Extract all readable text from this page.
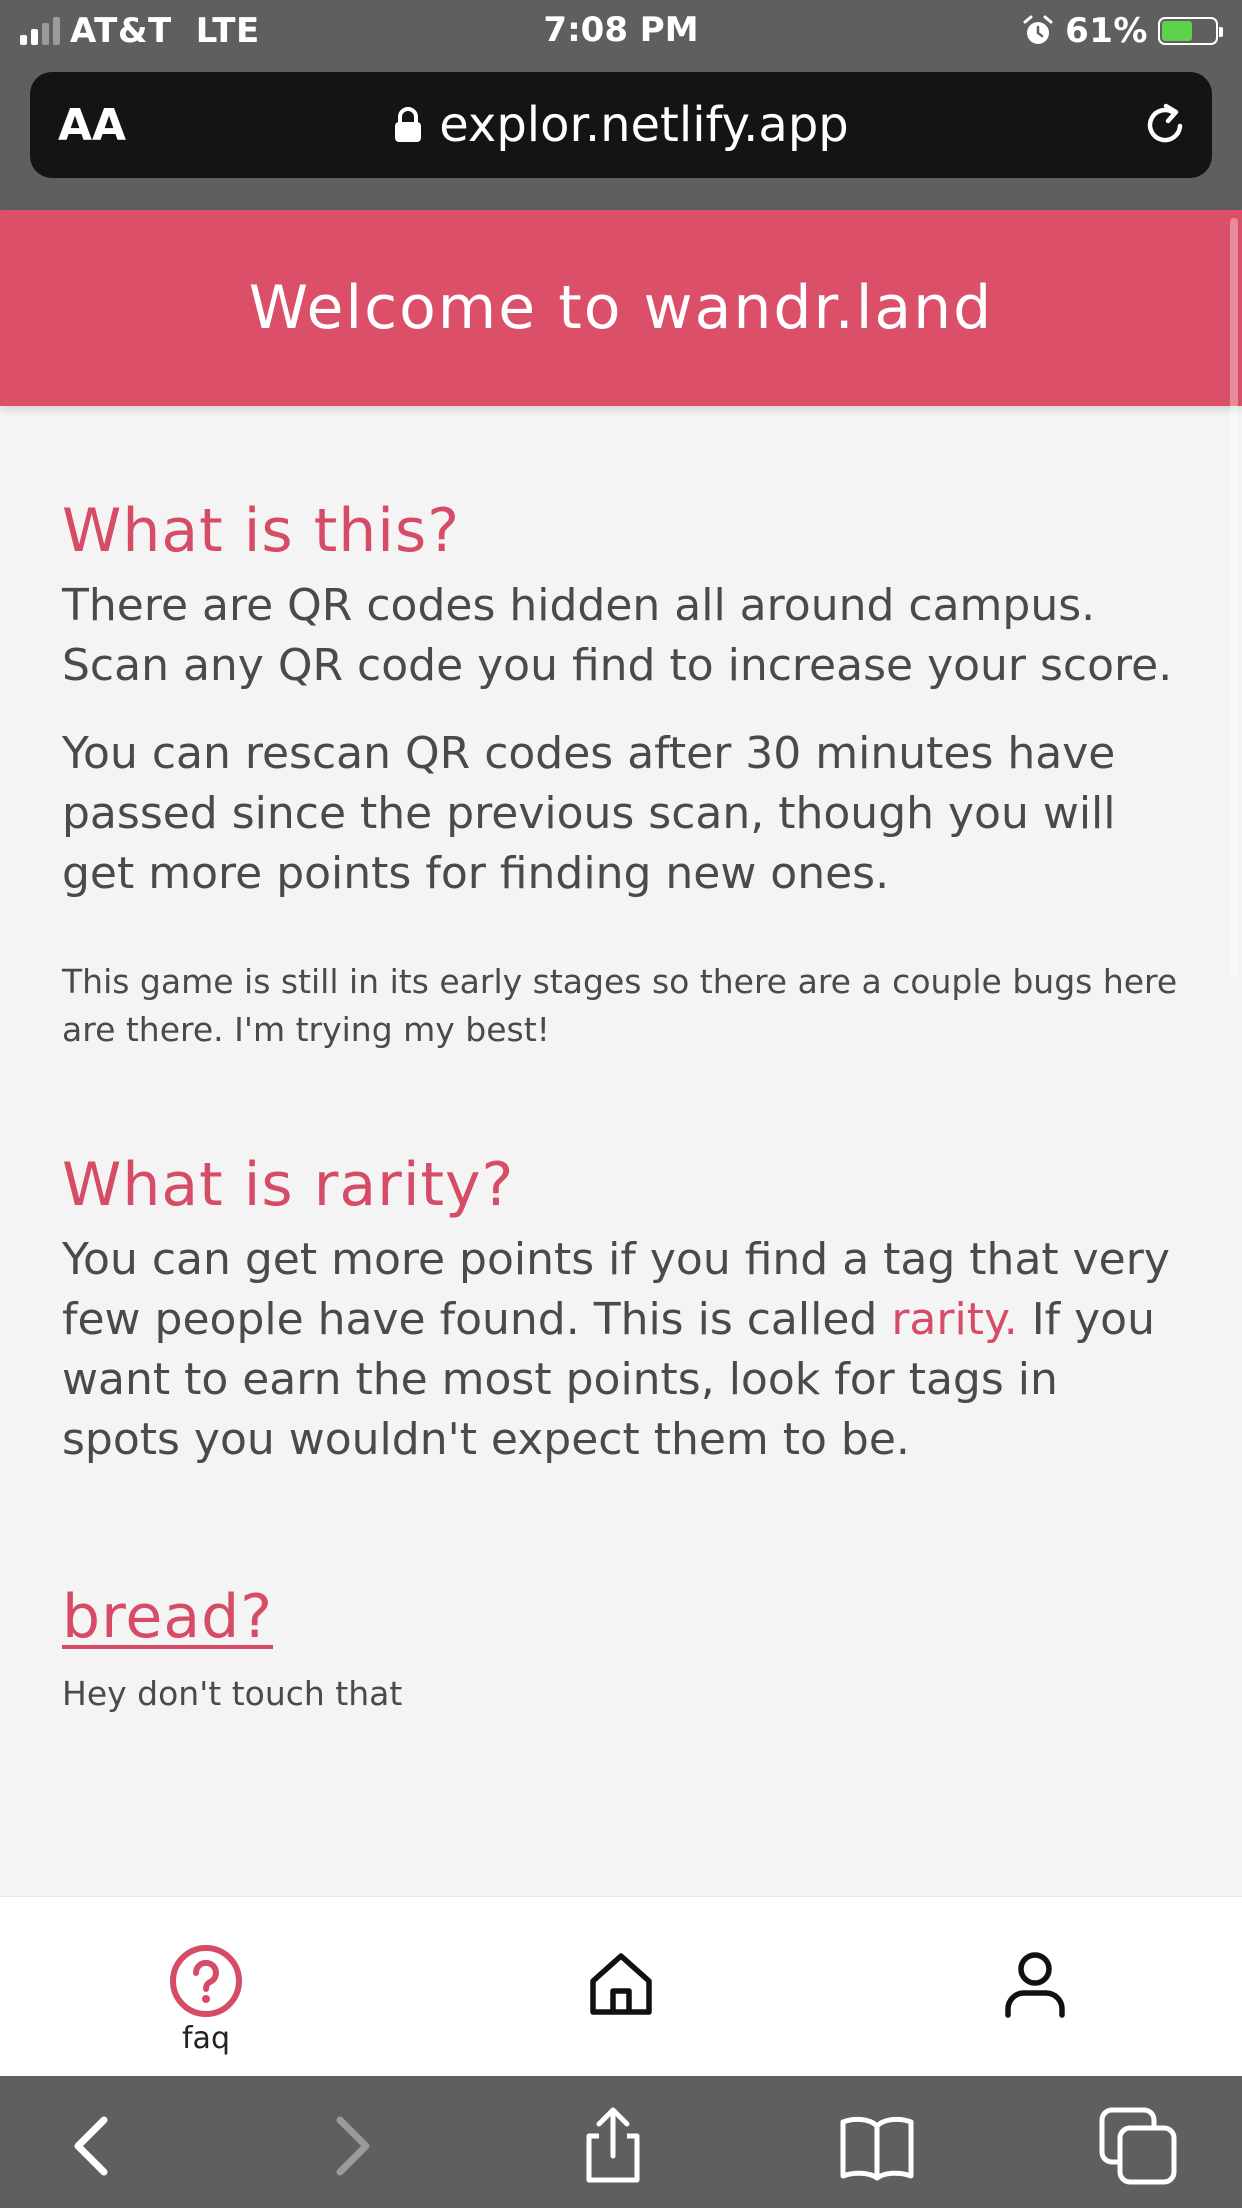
AT&T LTE	7:08 PM	61%
AA	explor.netlify.app
Welcome to wandr.land
What is this?

There are QR codes hidden all around campus. Scan any QR code you find to increase your score.

You can rescan QR codes after 30 minutes have passed since the previous scan, though you will get more points for finding new ones.

This game is still in its early stages so there are a couple bugs here are there. I'm trying my best!

What is rarity?

You can get more points if you find a tag that very few people have found. This is called rarity. If you want to earn the most points, look for tags in spots you wouldn't expect them to be.

bread?

Hey don't touch that

faq
